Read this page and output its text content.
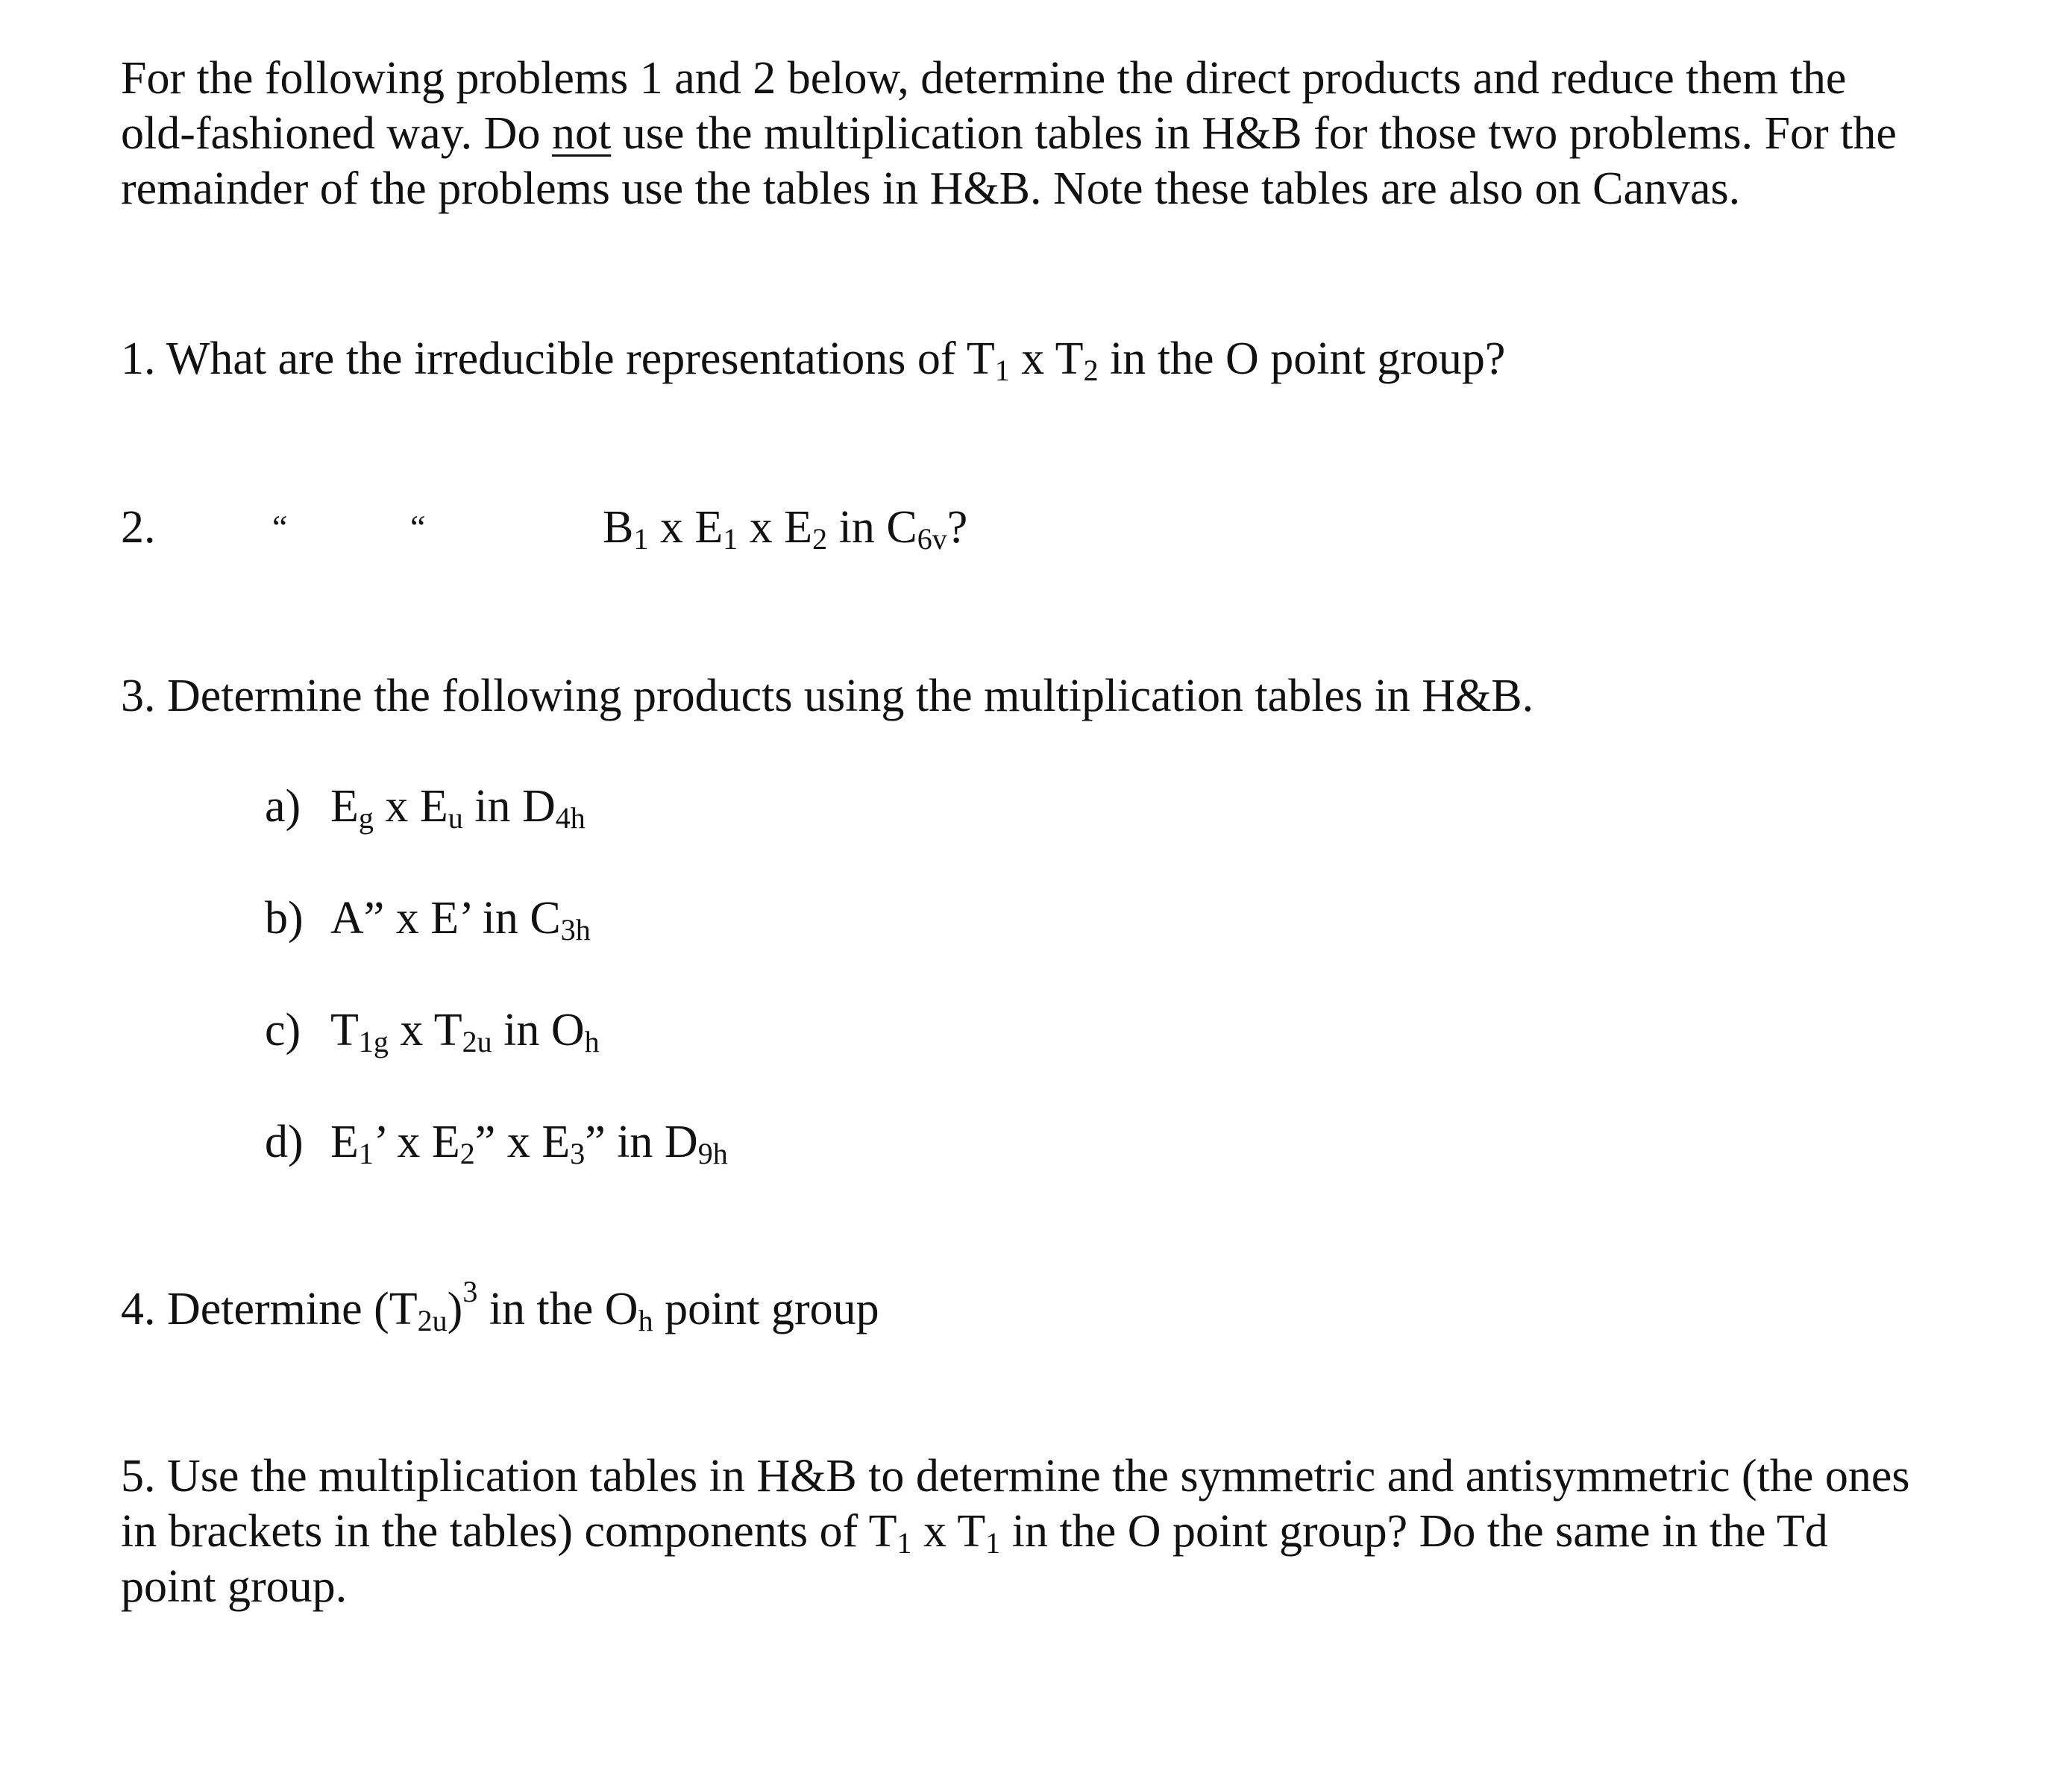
For the following problems 1 and 2 below, determine the direct products and reduce them the
old-fashioned way. Do not use the multiplication tables in H&B for those two problems. For the
remainder of the problems use the tables in H&B. Note these tables are also on Canvas.
1. What are the irreducible representations of $T_1$ x $T_2$ in the O point group?
2.	“	“	$B_1$ x $E_1$ x $E_2$ in $C_{6v}$?
3. Determine the following products using the multiplication tables in H&B.
a) $E_g$ x $E_u$ in $D_{4h}$
b) A” x E’ in $C_{3h}$
c) $T_{1g}$ x $T_{2u}$ in $O_h$
d) $E_1$’ x $E_2$” x $E_3$” in $D_{9h}$
4. Determine $(T_{2u})^3$ in the $O_h$ point group
5. Use the multiplication tables in H&B to determine the symmetric and antisymmetric (the ones
in brackets in the tables) components of $T_1$ x $T_1$ in the O point group? Do the same in the Td
point group.
